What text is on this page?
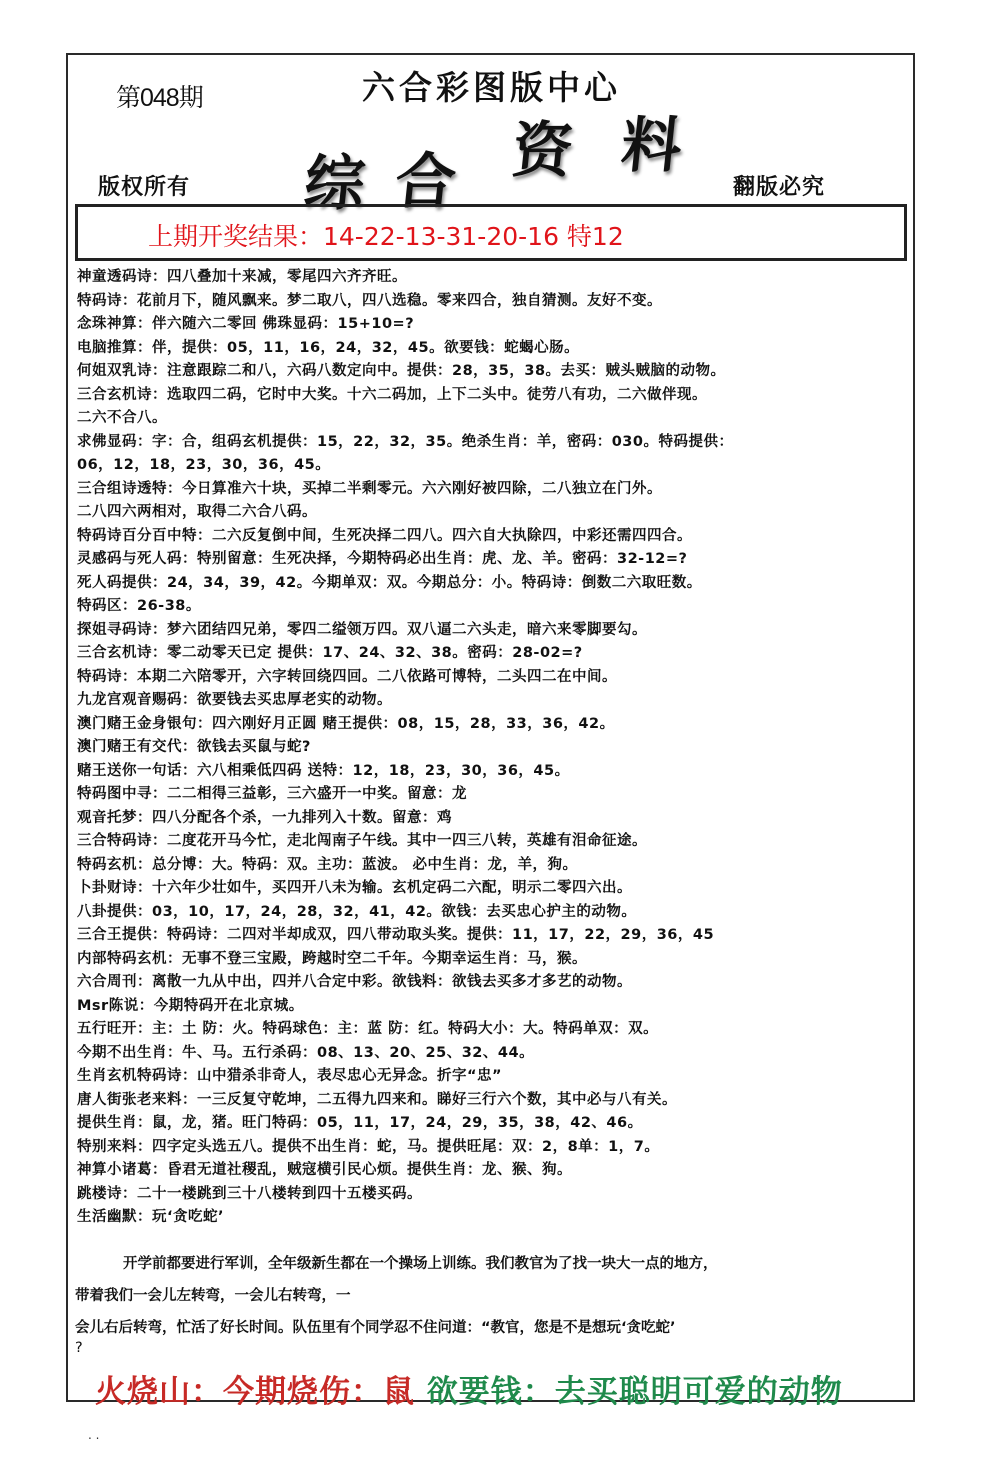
第048期	六合彩图版中心
版权所有	翻版必究
综 合 资 料
上期开奖结果：14-22-13-31-20-16 特12
神童透码诗：四八叠加十来减，零尾四六齐齐旺。
特码诗：花前月下，随风飘来。梦二取八，四八选稳。零来四合，独自猜测。友好不变。
念珠神算：伴六随六二零回 佛珠显码：15+10=?
电脑推算：伴，提供：05，11，16，24，32，45。欲要钱：蛇蝎心肠。
何姐双乳诗：注意跟踪二和八，六码八数定向中。提供：28，35，38。去买：贼头贼脑的动物。
三合玄机诗：选取四二码，它时中大奖。十六二码加，上下二头中。徒劳八有功，二六做伴现。
二六不合八。
求佛显码：字：合，组码玄机提供：15，22，32，35。绝杀生肖：羊，密码：030。特码提供：
06，12，18，23，30，36，45。
三合组诗透特：今日算准六十块，买掉二半剩零元。六六刚好被四除，二八独立在门外。
二八四六两相对，取得二六合八码。
特码诗百分百中特：二六反复倒中间，生死决择二四八。四六自大执除四，中彩还需四四合。
灵感码与死人码：特别留意：生死决择，今期特码必出生肖：虎、龙、羊。密码：32-12=?
死人码提供：24，34，39，42。今期单双：双。今期总分：小。特码诗：倒数二六取旺数。
特码区：26-38。
探姐寻码诗：梦六团结四兄弟，零四二缢领万四。双八逼二六头走，暗六来零脚要勾。
三合玄机诗：零二动零天已定 提供：17、24、32、38。密码：28-02=?
特码诗：本期二六陪零开，六字转回绕四回。二八依路可博特，二头四二在中间。
九龙宫观音赐码：欲要钱去买忠厚老实的动物。
澳门赌王金身银句：四六刚好月正圆 赌王提供：08，15，28，33，36，42。
澳门赌王有交代：欲钱去买鼠与蛇?
赌王送你一句话：六八相乘低四码 送特：12，18，23，30，36，45。
特码图中寻：二二相得三益彰，三六盛开一中奖。留意：龙
观音托梦：四八分配各个杀，一九排列入十数。留意：鸡
三合特码诗：二度花开马今忙，走北闯南子午线。其中一四三八转，英雄有泪命征途。
特码玄机：总分博：大。特码：双。主功：蓝波。 必中生肖：龙，羊，狗。
卜卦财诗：十六年少壮如牛，买四开八未为输。玄机定码二六配，明示二零四六出。
八卦提供：03，10，17，24，28，32，41，42。欲钱：去买忠心护主的动物。
三合王提供：特码诗：二四对半却成双，四八带动取头奖。提供：11，17，22，29，36，45
内部特码玄机：无事不登三宝殿，跨越时空二千年。今期幸运生肖：马，猴。
六合周刊：离散一九从中出，四并八合定中彩。欲钱料：欲钱去买多才多艺的动物。
Msr陈说：今期特码开在北京城。
五行旺开：主：土 防：火。特码球色：主：蓝 防：红。特码大小：大。特码单双：双。
今期不出生肖：牛、马。五行杀码：08、13、20、25、32、44。
生肖玄机特码诗：山中猎杀非奇人，表尽忠心无异念。折字“忠”
唐人街张老来料：一三反复守乾坤，二五得九四来和。睇好三行六个数，其中必与八有关。
提供生肖：鼠，龙，猪。旺门特码：05，11，17，24，29，35，38，42、46。
特别来料：四字定头选五八。提供不出生肖：蛇，马。提供旺尾：双：2，8单：1，7。
神算小诸葛：昏君无道社稷乱，贼寇横引民心烦。提供生肖：龙、猴、狗。
跳楼诗：二十一楼跳到三十八楼转到四十五楼买码。
生活幽默：玩‘贪吃蛇’
开学前都要进行军训，全年级新生都在一个操场上训练。我们教官为了找一块大一点的地方，
带着我们一会儿左转弯，一会儿右转弯，一
会儿右后转弯，忙活了好长时间。队伍里有个同学忍不住问道：“教官，您是不是想玩‘贪吃蛇’
?
火烧山：今期烧伤：鼠 欲要钱：去买聪明可爱的动物
. .
